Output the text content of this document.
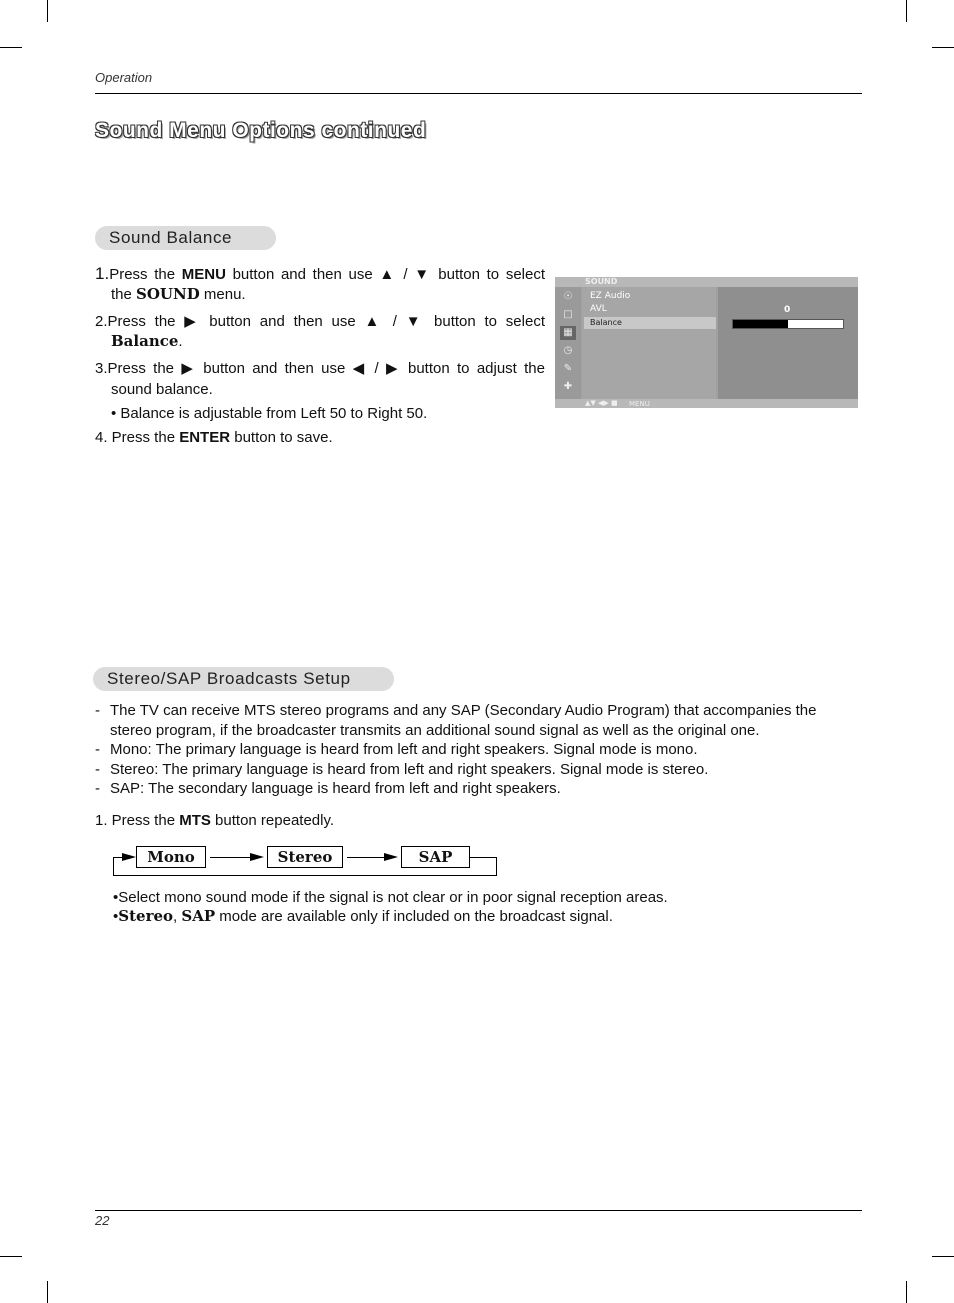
Operation
Sound Menu Options continued
Sound Balance
1.Press the MENU button and then use ▲ / ▼ button to select
the SOUND menu.
2.Press the ▶ button and then use ▲ / ▼ button to select
Balance.
3.Press the ▶ button and then use ◀ / ▶ button to adjust the
sound balance.
• Balance is adjustable from Left 50 to Right 50.
4. Press the ENTER button to save.
SOUND
☉
□
▦
◷
✎
✚
EZ Audio
AVL
Balance
0
▲▼ ◀▶ ■ MENU
Stereo/SAP Broadcasts Setup
- The TV can receive MTS stereo programs and any SAP (Secondary Audio Program) that accompanies the stereo program, if the broadcaster transmits an additional sound signal as well as the original one.
- Mono: The primary language is heard from left and right speakers. Signal mode is mono.
- Stereo: The primary language is heard from left and right speakers. Signal mode is stereo.
- SAP: The secondary language is heard from left and right speakers.
1. Press the MTS button repeatedly.
Mono	Stereo	SAP
•Select mono sound mode if the signal is not clear or in poor signal reception areas.
•Stereo, SAP mode are available only if included on the broadcast signal.
22
